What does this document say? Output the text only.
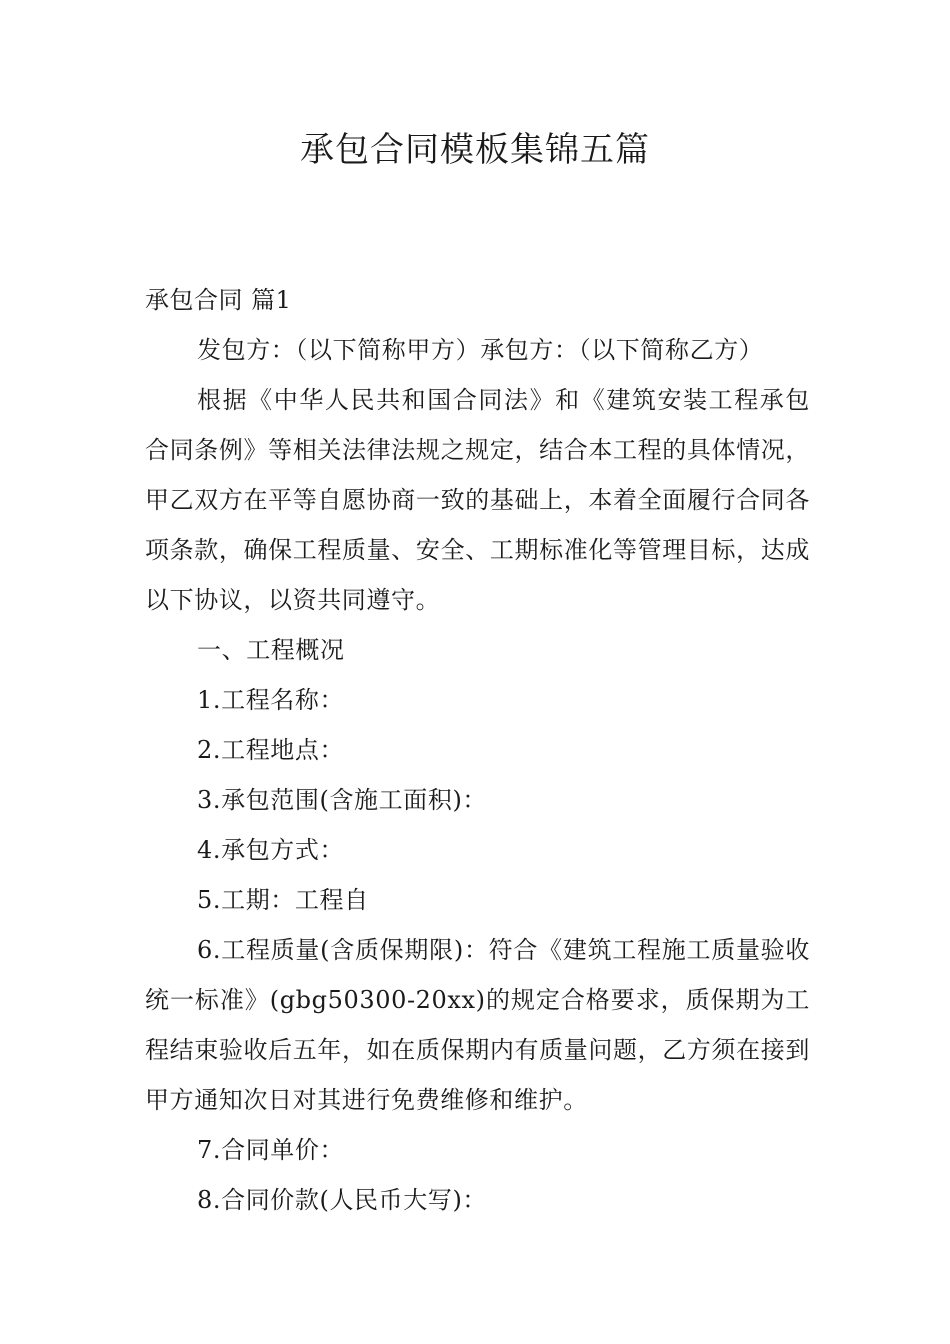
承包合同模板集锦五篇
承包合同 篇1

发包方：（以下简称甲方）承包方：（以下简称乙方）

根据《中华人民共和国合同法》和《建筑安装工程承包合同条例》等相关法律法规之规定，结合本工程的具体情况，甲乙双方在平等自愿协商一致的基础上，本着全面履行合同各项条款，确保工程质量、安全、工期标准化等管理目标，达成以下协议，以资共同遵守。

一、工程概况

1.工程名称：

2.工程地点：

3.承包范围(含施工面积)：

4.承包方式：

5.工期：工程自

6.工程质量(含质保期限)：符合《建筑工程施工质量验收统一标准》(gbg50300-20xx)的规定合格要求，质保期为工程结束验收后五年，如在质保期内有质量问题，乙方须在接到甲方通知次日对其进行免费维修和维护。

7.合同单价：

8.合同价款(人民币大写)：
